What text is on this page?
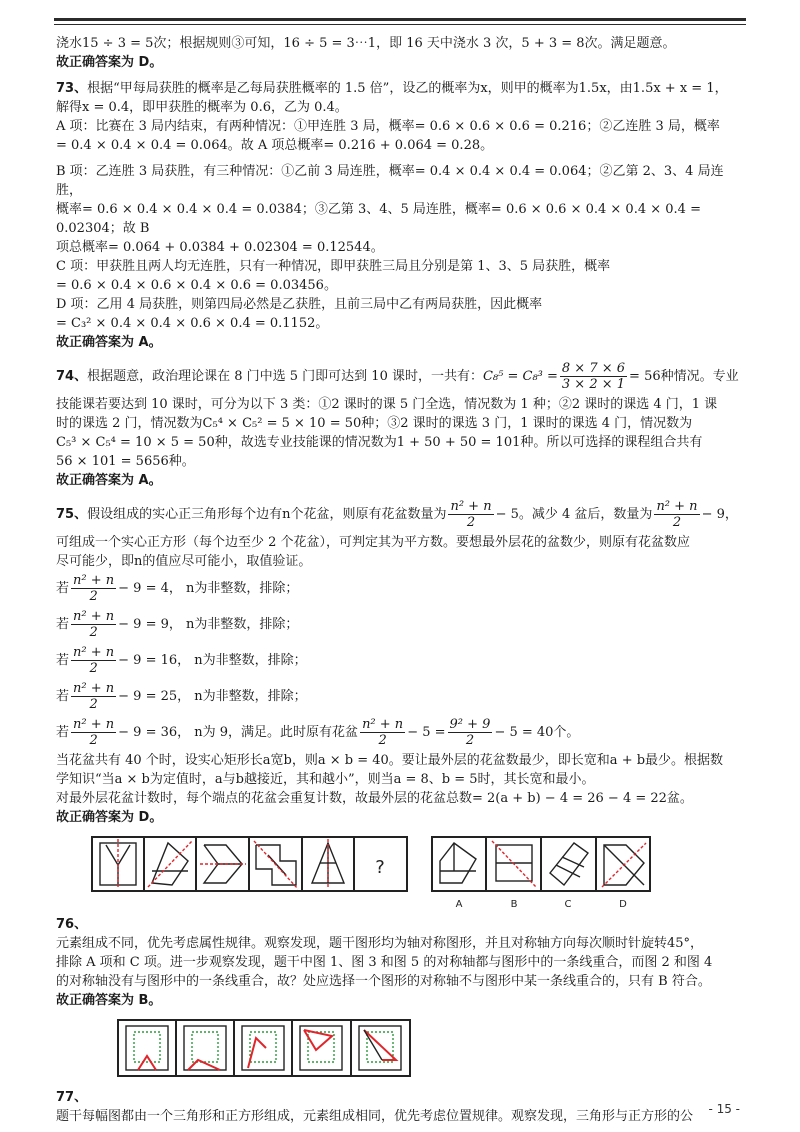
浇水15 ÷ 3 = 5次；根据规则③可知，16 ÷ 5 = 3⋯1，即 16 天中浇水 3 次，5 + 3 = 8次。满足题意。

故正确答案为 D。

73、根据“甲每局获胜的概率是乙每局获胜概率的 1.5 倍”，设乙的概率为x，则甲的概率为1.5x，由1.5x + x = 1，

解得x = 0.4，即甲获胜的概率为 0.6，乙为 0.4。

A 项：比赛在 3 局内结束，有两种情况：①甲连胜 3 局，概率= 0.6 × 0.6 × 0.6 = 0.216；②乙连胜 3 局，概率

= 0.4 × 0.4 × 0.4 = 0.064。故 A 项总概率= 0.216 + 0.064 = 0.28。

B 项：乙连胜 3 局获胜，有三种情况：①乙前 3 局连胜，概率= 0.4 × 0.4 × 0.4 = 0.064；②乙第 2、3、4 局连胜，

概率= 0.6 × 0.4 × 0.4 × 0.4 = 0.0384；③乙第 3、4、5 局连胜，概率= 0.6 × 0.6 × 0.4 × 0.4 × 0.4 = 0.02304；故 B

项总概率= 0.064 + 0.0384 + 0.02304 = 0.12544。

C 项：甲获胜且两人均无连胜，只有一种情况，即甲获胜三局且分别是第 1、3、5 局获胜，概率

= 0.6 × 0.4 × 0.6 × 0.4 × 0.6 = 0.03456。

D 项：乙用 4 局获胜，则第四局必然是乙获胜，且前三局中乙有两局获胜，因此概率

= C₃² × 0.4 × 0.4 × 0.6 × 0.4 = 0.1152。

故正确答案为 A。

74、根据题意，政治理论课在 8 门中选 5 门即可达到 10 课时，一共有：$C_8^5 = C_8^3 = \frac{8 \times 7 \times 6}{3 \times 2 \times 1} = 56$种情况。专业

技能课若要达到 10 课时，可分为以下 3 类：①2 课时的课 5 门全选，情况数为 1 种；②2 课时的课选 4 门，1 课

时的课选 2 门，情况数为C₅⁴ × C₅² = 5 × 10 = 50种；③2 课时的课选 3 门，1 课时的课选 4 门，情况数为

C₅³ × C₅⁴ = 10 × 5 = 50种，故选专业技能课的情况数为1 + 50 + 50 = 101种。所以可选择的课程组合共有

56 × 101 = 5656种。

故正确答案为 A。

75、假设组成的实心正三角形每个边有n个花盆，则原有花盆数量为 $\frac{\text{n² + n}}{2} - 5$。减少 4 盆后，数量为 $\frac{\text{n² + n}}{2} - 9$，

可组成一个实心正方形（每个边至少 2 个花盆），可判定其为平方数。要想最外层花的盆数少，则原有花盆数应

尽可能少，即n的值应尽可能小，取值验证。

若 $\frac{\text{n² + n}}{2} - 9 = 4$， n为非整数，排除；

若 $\frac{\text{n² + n}}{2} - 9 = 9$， n为非整数，排除；

若 $\frac{\text{n² + n}}{2} - 9 = 16$， n为非整数，排除；

若 $\frac{\text{n² + n}}{2} - 9 = 25$， n为非整数，排除；

若 $\frac{\text{n² + n}}{2} - 9 = 36$， n为 9，满足。此时原有花盆 $\frac{\text{n² + n}}{2} - 5 = \frac{\text{9² + 9}}{2} - 5 = 40$个。

当花盆共有 40 个时，设实心矩形长a宽b，则a × b = 40。要让最外层的花盆数最少，即长宽和a + b最少。根据数

学知识“当a × b为定值时，a与b越接近，其和越小”，则当a = 8、b = 5时，其长宽和最小。

对最外层花盆计数时，每个端点的花盆会重复计数，故最外层的花盆总数= 2(a + b) − 4 = 26 − 4 = 22盆。

故正确答案为 D。

?
A	B	C	D

76、

元素组成不同，优先考虑属性规律。观察发现，题干图形均为轴对称图形，并且对称轴方向每次顺时针旋转45°，

排除 A 项和 C 项。进一步观察发现，题干中图 1、图 3 和图 5 的对称轴都与图形中的一条线重合，而图 2 和图 4

的对称轴没有与图形中的一条线重合，故？处应选择一个图形的对称轴不与图形中某一条线重合的，只有 B 符合。

故正确答案为 B。

77、

题干每幅图都由一个三角形和正方形组成，元素组成相同，优先考虑位置规律。观察发现，三角形与正方形的公	- 15 -
